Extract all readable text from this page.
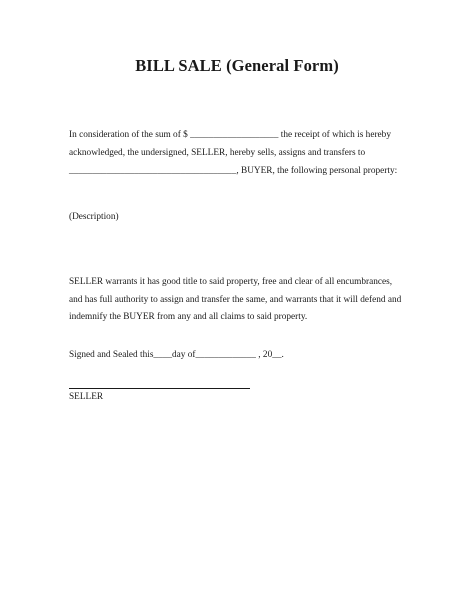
BILL SALE (General Form)
In consideration of the sum of $ ___________________ the receipt of which is hereby
acknowledged, the undersigned, SELLER, hereby sells, assigns and transfers to
____________________________________, BUYER, the following personal property:
(Description)
SELLER warrants it has good title to said property, free and clear of all encumbrances,
and has full authority to assign and transfer the same, and warrants that it will defend and
indemnify the BUYER from any and all claims to said property.
Signed and Sealed this____day of_____________ , 20__.
SELLER
